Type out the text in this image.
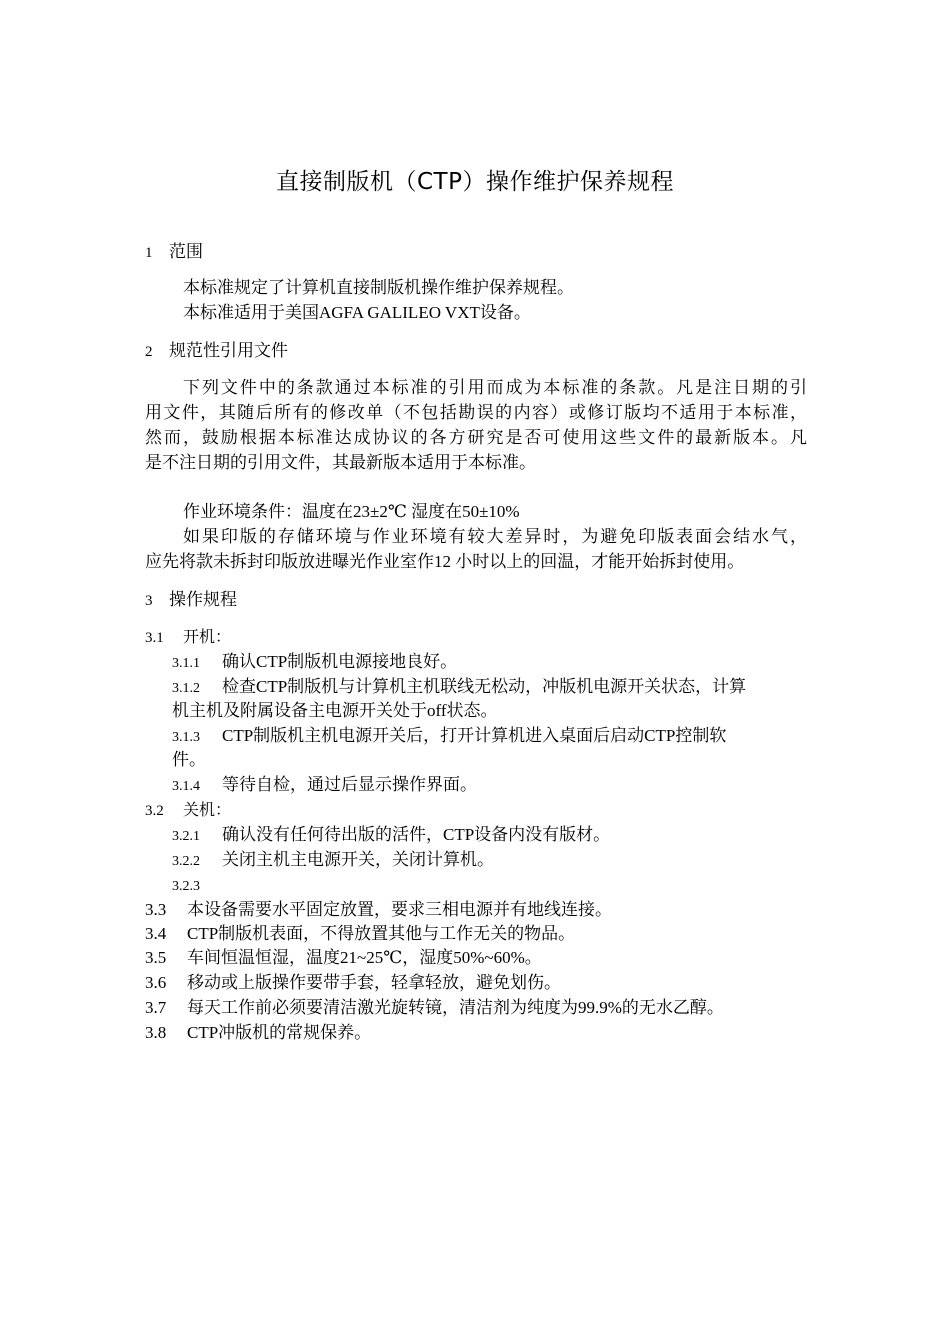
直接制版机（CTP）操作维护保养规程
1 范围
本标准规定了计算机直接制版机操作维护保养规程。
本标准适用于美国AGFA GALILEO VXT设备。
2 规范性引用文件
下列文件中的条款通过本标准的引用而成为本标准的条款。凡是注日期的引
用文件，其随后所有的修改单（不包括勘误的内容）或修订版均不适用于本标准，
然而，鼓励根据本标准达成协议的各方研究是否可使用这些文件的最新版本。凡
是不注日期的引用文件，其最新版本适用于本标准。
作业环境条件：温度在23±2℃ 湿度在50±10%
如果印版的存储环境与作业环境有较大差异时，为避免印版表面会结水气，
应先将款未拆封印版放进曝光作业室作12 小时以上的回温，才能开始拆封使用。
3 操作规程
3.1 开机：
3.1.1 确认CTP制版机电源接地良好。
3.1.2 检查CTP制版机与计算机主机联线无松动，冲版机电源开关状态，计算
机主机及附属设备主电源开关处于off状态。
3.1.3 CTP制版机主机电源开关后，打开计算机进入桌面后启动CTP控制软
件。
3.1.4 等待自检，通过后显示操作界面。
3.2 关机：
3.2.1 确认没有任何待出版的活件，CTP设备内没有版材。
3.2.2 关闭主机主电源开关，关闭计算机。
3.2.3
3.3 本设备需要水平固定放置，要求三相电源并有地线连接。
3.4 CTP制版机表面，不得放置其他与工作无关的物品。
3.5 车间恒温恒湿，温度21~25℃，湿度50%~60%。
3.6 移动或上版操作要带手套，轻拿轻放，避免划伤。
3.7 每天工作前必须要清洁激光旋转镜，清洁剂为纯度为99.9%的无水乙醇。
3.8 CTP冲版机的常规保养。
